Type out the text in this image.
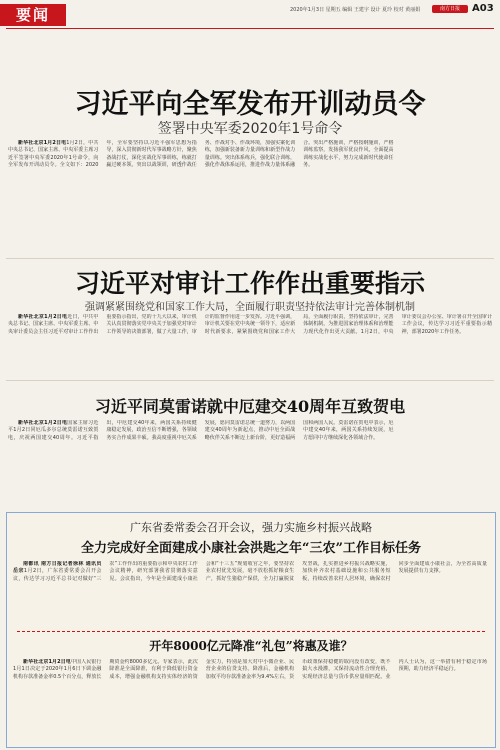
要闻	2020年1月3日 星期五 编辑 王建宇 设计 夏玲 校对 黄丽娟	南方日报	A03
习近平向全军发布开训动员令
签署中央军委2020年1号命令

新华社北京1月2日电1月2日，中共中央总书记、国家主席、中央军委主席习近平签署中央军委2020年1号命令，向全军发布开训动员令。全文如下：2020年，全军要坚持以习近平强军思想为指导，深入贯彻新时代军事战略方针，聚焦备战打仗，深化实战化军事训练，练就打赢过硬本领。突出以战领训，研透作战任务、作战对手、作战环境，加强实案化训练，加强新装备新力量训练和新型作战力量训练。突出体系练兵，强化联合训练，强化作战体系运用，推进作战力量体系融合。突出严格施训，严格按纲施训，严格训练监察，发扬我军优良作风，全面提高训练实战化水平，努力完成新时代使命任务。

习近平对审计工作作出重要指示
强调紧紧围绕党和国家工作大局，全面履行职责坚持依法审计完善体制机制

新华社北京1月2日电近日，中共中央总书记、国家主席、中央军委主席、中央审计委员会主任习近平对审计工作作出重要指示指出，党的十九大以来，审计机关认真贯彻落实党中央关于加强党对审计工作领导的决策部署，做了大量工作，审计的监督作用进一步发挥。习近平强调，审计机关要在党中央统一领导下，适应新时代新要求，紧紧围绕党和国家工作大局，全面履行职责，坚持依法审计，完善体制机制，为推进国家治理体系和治理能力现代化作出更大贡献。1月2日，中央审计委员会办公室、审计署召开全国审计工作会议，传达学习习近平重要指示精神，部署2020年工作任务。

习近平同莫雷诺就中厄建交40周年互致贺电

新华社北京1月2日电国家主席习近平1月2日同厄瓜多尔总统莫雷诺互致贺电，庆祝两国建交40周年。习近平指出，中厄建交40年来，两国关系持续健康稳定发展，政治互信不断增强，各领域务实合作成果丰硕。我高度重视中厄关系发展，愿同莫雷诺总统一道努力，以两国建交40周年为新起点，推动中厄全面战略伙伴关系不断迈上新台阶，更好造福两国和两国人民。莫雷诺在贺电中表示，厄中建交40年来，两国关系持续发展，厄方愿同中方继续深化各领域合作。

广东省委常委会召开会议，强力实施乡村振兴战略
全力完成好全面建成小康社会洪匙之年“三农”工作目标任务

南都讯 南方日报记者徐林 通讯员岳宗1月2日，广东省委常委会召开会议，传达学习习近平总书记对做好“三农”工作作出的重要指示和中央农村工作会议精神，研究部署我省贯彻落实意见。会议指出，今年是全面建成小康社会和“十三五”规划收官之年，要坚持农业农村优先发展，毫不放松抓好粮食生产，抓好生猪稳产保供，全力打赢脱贫攻坚战，扎实推进乡村振兴战略实施，加快补齐农村基础设施和公共服务短板，持续改善农村人居环境，确保农村同步全面建成小康社会，为全省高质量发展提供有力支撑。

开年8000亿元降准“礼包”将惠及谁？

新华社北京1月2日电中国人民银行1月1日决定于2020年1月6日下调金融机构存款准备金率0.5个百分点，释放长期资金约8000多亿元。专家表示，此次降准是全面降准，有利于降低银行资金成本，增强金融机构支持实体经济的资金实力，特别是加大对中小微企业、民营企业的信贷支持。降准后，金融机构加权平均存款准备金率为9.4%左右，货币政策保持稳健的取向没有改变，既不搞大水漫灌，又保持流动性合理充裕，实现经济总量与货币供应量相匹配。业内人士认为，这一举措有利于稳定市场预期，助力经济平稳运行。
